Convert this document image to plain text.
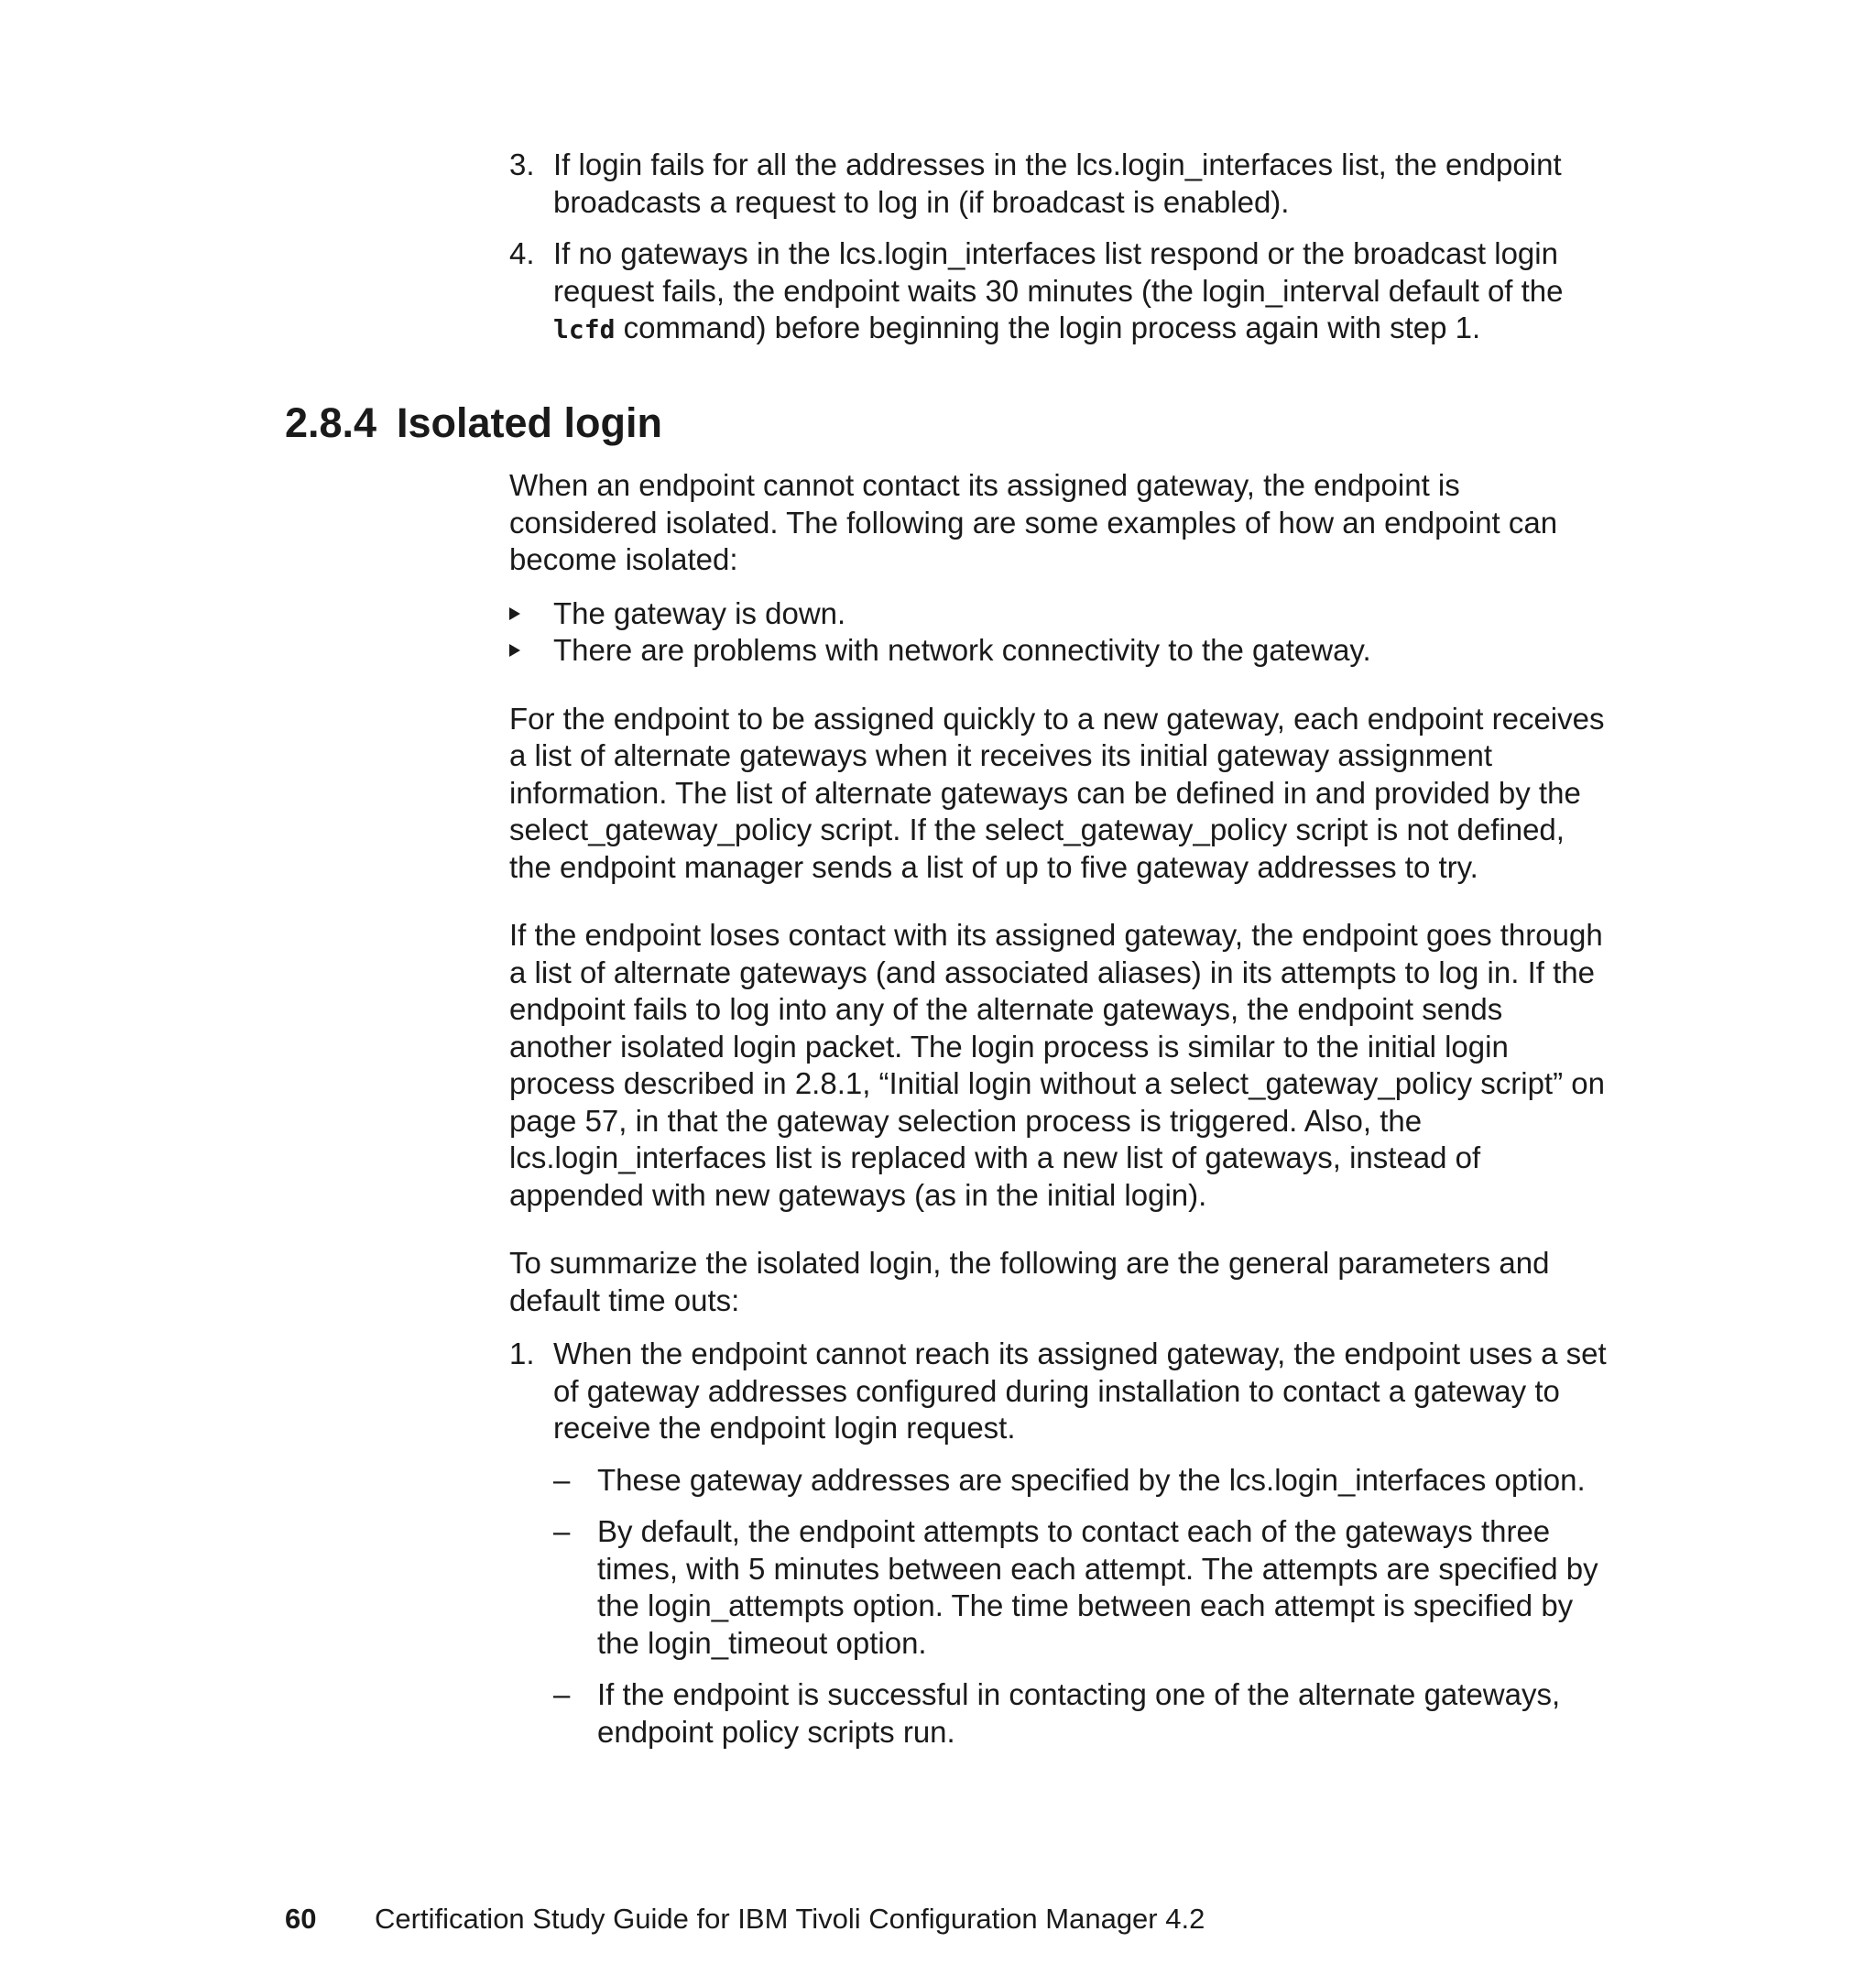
3. If login fails for all the addresses in the lcs.login_interfaces list, the endpoint broadcasts a request to log in (if broadcast is enabled).
4. If no gateways in the lcs.login_interfaces list respond or the broadcast login request fails, the endpoint waits 30 minutes (the login_interval default of the lcfd command) before beginning the login process again with step 1.
2.8.4 Isolated login

When an endpoint cannot contact its assigned gateway, the endpoint is considered isolated. The following are some examples of how an endpoint can become isolated:

The gateway is down.
There are problems with network connectivity to the gateway.

For the endpoint to be assigned quickly to a new gateway, each endpoint receives a list of alternate gateways when it receives its initial gateway assignment information. The list of alternate gateways can be defined in and provided by the select_gateway_policy script. If the select_gateway_policy script is not defined, the endpoint manager sends a list of up to five gateway addresses to try.

If the endpoint loses contact with its assigned gateway, the endpoint goes through a list of alternate gateways (and associated aliases) in its attempts to log in. If the endpoint fails to log into any of the alternate gateways, the endpoint sends another isolated login packet. The login process is similar to the initial login process described in 2.8.1, “Initial login without a select_gateway_policy script” on page 57, in that the gateway selection process is triggered. Also, the lcs.login_interfaces list is replaced with a new list of gateways, instead of appended with new gateways (as in the initial login).

To summarize the isolated login, the following are the general parameters and default time outs:

1. When the endpoint cannot reach its assigned gateway, the endpoint uses a set of gateway addresses configured during installation to contact a gateway to receive the endpoint login request.
– These gateway addresses are specified by the lcs.login_interfaces option.
– By default, the endpoint attempts to contact each of the gateways three times, with 5 minutes between each attempt. The attempts are specified by the login_attempts option. The time between each attempt is specified by the login_timeout option.
– If the endpoint is successful in contacting one of the alternate gateways, endpoint policy scripts run.
60 Certification Study Guide for IBM Tivoli Configuration Manager 4.2
